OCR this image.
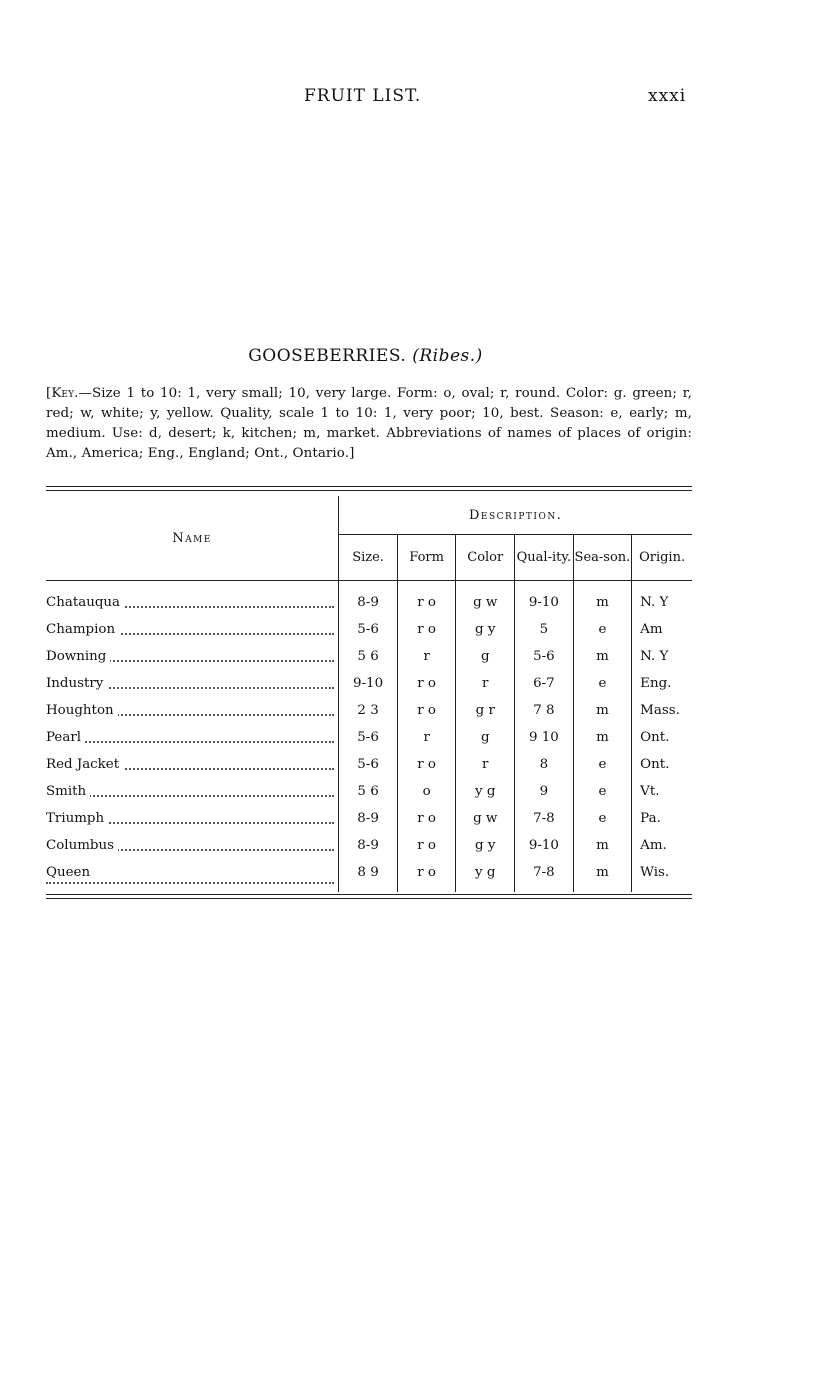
FRUIT LIST.	xxxi
GOOSEBERRIES. (Ribes.)
[Key.—Size 1 to 10: 1, very small; 10, very large. Form: o, oval; r, round. Color: g. green; r, red; w, white; y, yellow. Quality, scale 1 to 10: 1, very poor; 10, best. Season: e, early; m, medium. Use: d, desert; k, kitchen; m, market. Abbreviations of names of places of origin: Am., America; Eng., England; Ont., Ontario.]
Name	Description.					
	Size.	Form	Color	Qual-ity.	Sea-son.	Origin.

Chatauqua	8-9	r o	g w	9-10	m	N. Y

Champion	5-6	r o	g y	5	e	Am

Downing	5 6	r	g	5-6	m	N. Y

Industry	9-10	r o	r	6-7	e	Eng.

Houghton	2 3	r o	g r	7 8	m	Mass.

Pearl	5-6	r	g	9 10	m	Ont.

Red Jacket	5-6	r o	r	8	e	Ont.

Smith	5 6	o	y g	9	e	Vt.

Triumph	8-9	r o	g w	7-8	e	Pa.

Columbus	8-9	r o	g y	9-10	m	Am.

Queen	8 9	r o	y g	7-8	m	Wis.
